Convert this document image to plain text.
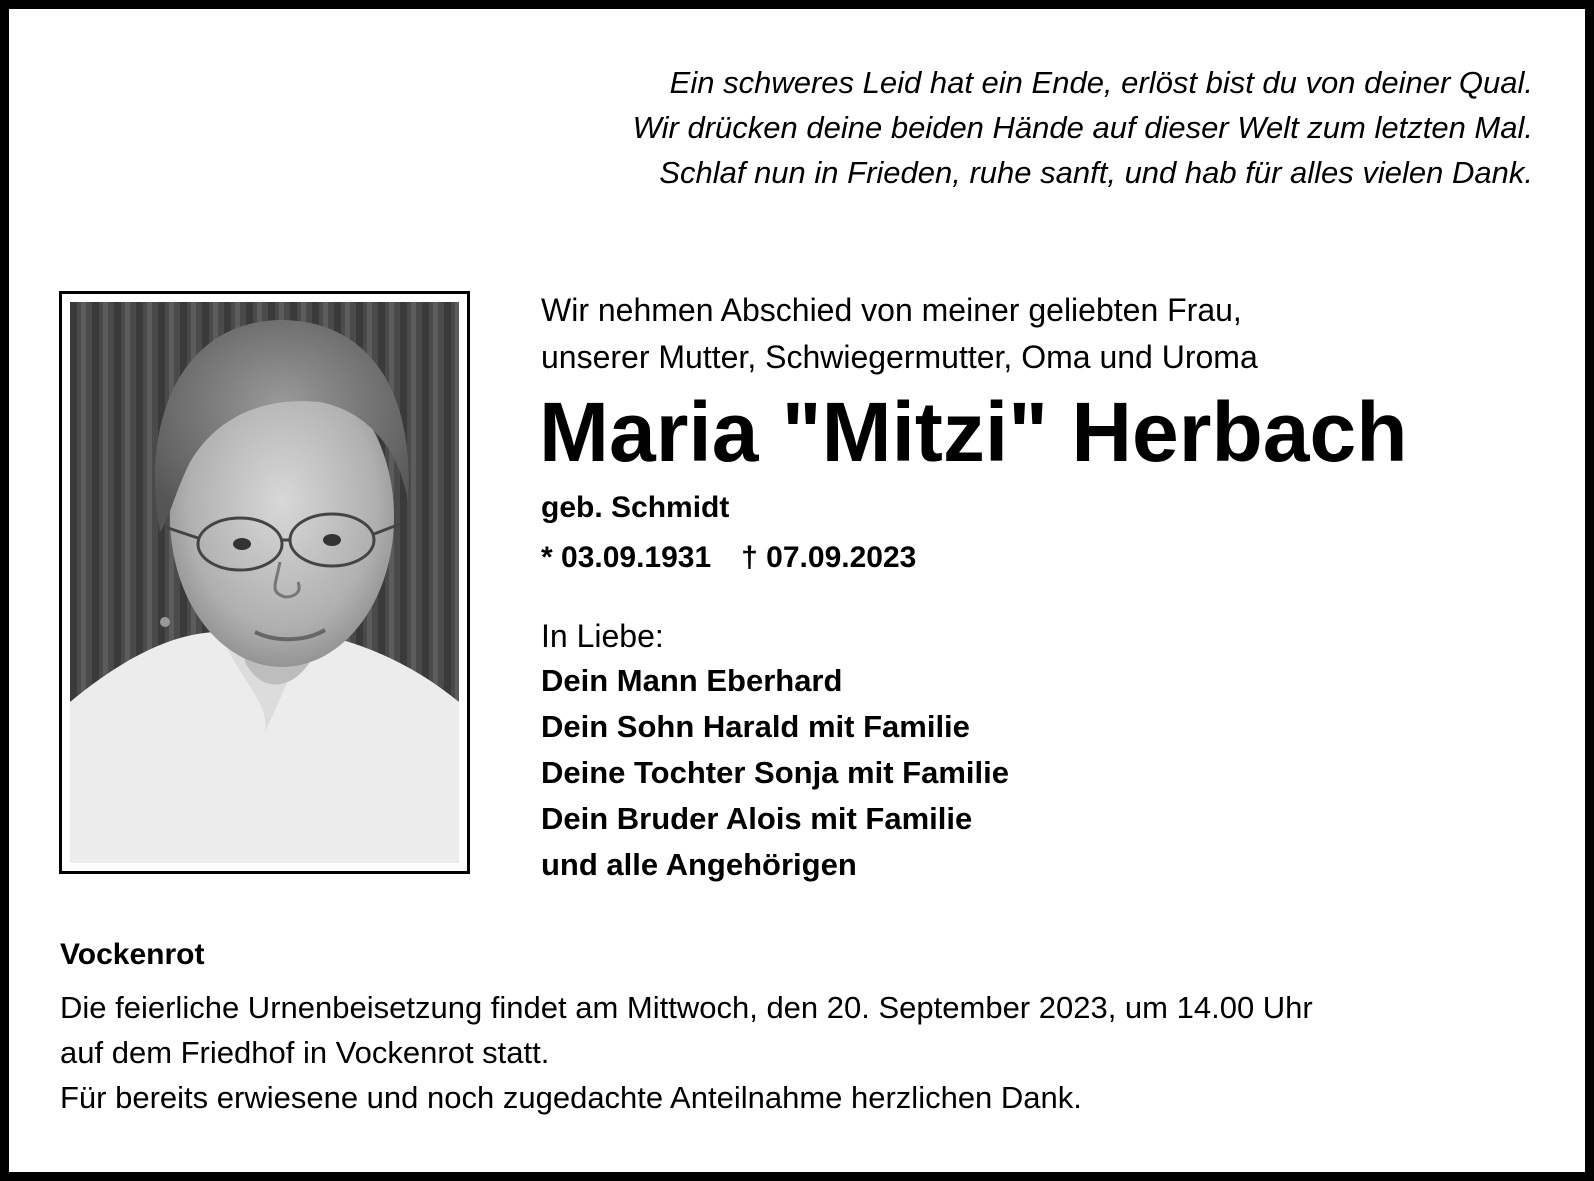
Ein schweres Leid hat ein Ende, erlöst bist du von deiner Qual.
Wir drücken deine beiden Hände auf dieser Welt zum letzten Mal.
Schlaf nun in Frieden, ruhe sanft, und hab für alles vielen Dank.
Wir nehmen Abschied von meiner geliebten Frau,
unserer Mutter, Schwiegermutter, Oma und Uroma
Maria "Mitzi" Herbach
geb. Schmidt
* 03.09.1931 † 07.09.2023
In Liebe:
Dein Mann Eberhard
Dein Sohn Harald mit Familie
Deine Tochter Sonja mit Familie
Dein Bruder Alois mit Familie
und alle Angehörigen
Vockenrot
Die feierliche Urnenbeisetzung findet am Mittwoch, den 20. September 2023, um 14.00 Uhr
auf dem Friedhof in Vockenrot statt.
Für bereits erwiesene und noch zugedachte Anteilnahme herzlichen Dank.
